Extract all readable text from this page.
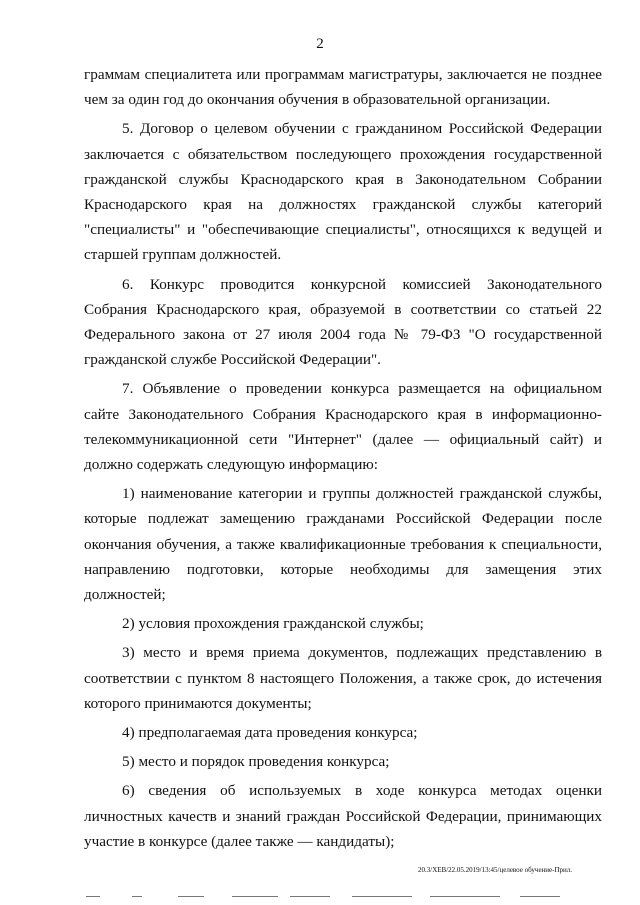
2

граммам специалитета или программам магистратуры, заключается не позднее чем за один год до окончания обучения в образовательной организации.

5. Договор о целевом обучении с гражданином Российской Федерации заключается с обязательством последующего прохождения государственной гражданской службы Краснодарского края в Законодательном Собрании Краснодарского края на должностях гражданской службы категорий "специалисты" и "обеспечивающие специалисты", относящихся к ведущей и старшей группам должностей.

6. Конкурс проводится конкурсной комиссией Законодательного Собрания Краснодарского края, образуемой в соответствии со статьей 22 Федерального закона от 27 июля 2004 года № 79-ФЗ "О государственной гражданской службе Российской Федерации".

7. Объявление о проведении конкурса размещается на официальном сайте Законодательного Собрания Краснодарского края в информационно-телекоммуникационной сети "Интернет" (далее — официальный сайт) и должно содержать следующую информацию:

1) наименование категории и группы должностей гражданской службы, которые подлежат замещению гражданами Российской Федерации после окончания обучения, а также квалификационные требования к специальности, направлению подготовки, которые необходимы для замещения этих должностей;

2) условия прохождения гражданской службы;

3) место и время приема документов, подлежащих представлению в соответствии с пунктом 8 настоящего Положения, а также срок, до истечения которого принимаются документы;

4) предполагаемая дата проведения конкурса;

5) место и порядок проведения конкурса;

6) сведения об используемых в ходе конкурса методах оценки личностных качеств и знаний граждан Российской Федерации, принимающих участие в конкурсе (далее также — кандидаты);

20.3/ХЕВ/22.05.2019/13:45/целевое обучение-Прил.
